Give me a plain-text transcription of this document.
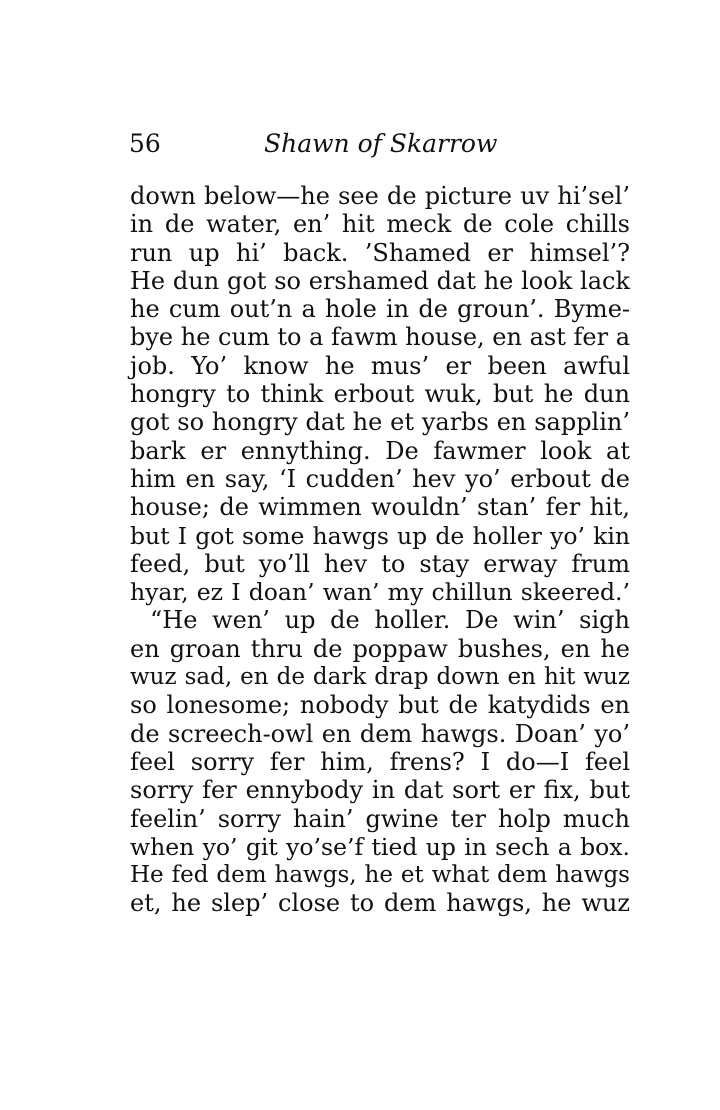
56	Shawn of Skarrow
down below—he see de picture uv hi’sel’
in de water, en’ hit meck de cole chills
run up hi’ back. ’Shamed er himsel’?
He dun got so ershamed dat he look lack
he cum out’n a hole in de groun’. Byme-
bye he cum to a fawm house, en ast fer a
job. Yo’ know he mus’ er been awful
hongry to think erbout wuk, but he dun
got so hongry dat he et yarbs en sapplin’
bark er ennything. De fawmer look at
him en say, ‘I cudden’ hev yo’ erbout de
house; de wimmen wouldn’ stan’ fer hit,
but I got some hawgs up de holler yo’ kin
feed, but yo’ll hev to stay erway frum
hyar, ez I doan’ wan’ my chillun skeered.’
“He wen’ up de holler. De win’ sigh
en groan thru de poppaw bushes, en he
wuz sad, en de dark drap down en hit wuz
so lonesome; nobody but de katydids en
de screech-owl en dem hawgs. Doan’ yo’
feel sorry fer him, frens? I do—I feel
sorry fer ennybody in dat sort er fix, but
feelin’ sorry hain’ gwine ter holp much
when yo’ git yo’se’f tied up in sech a box.
He fed dem hawgs, he et what dem hawgs
et, he slep’ close to dem hawgs, he wuz
